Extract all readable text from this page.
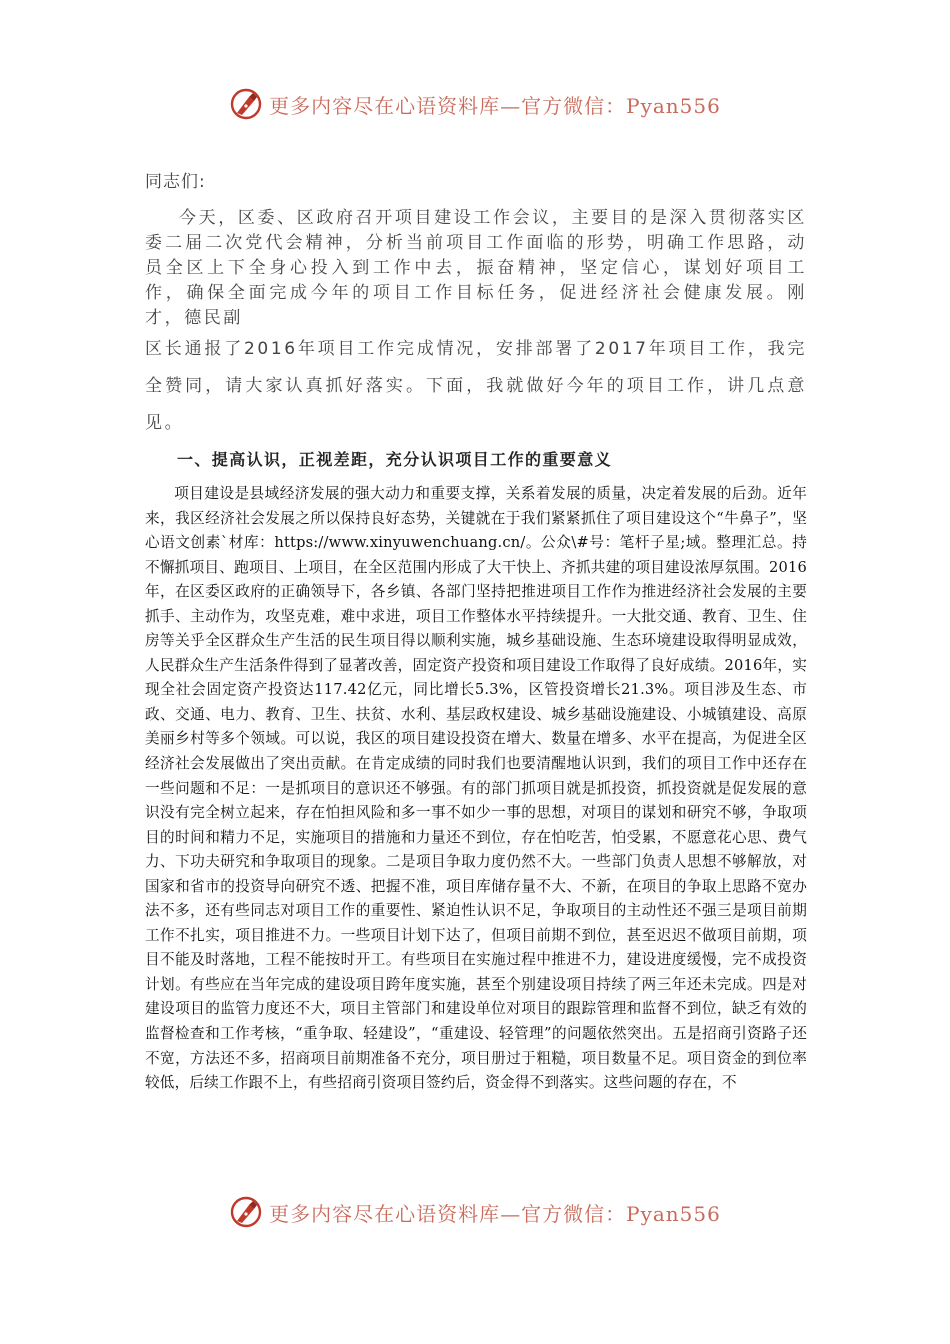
更多内容尽在心语资料库—官方微信：Pyan556

同志们:

今天，区委、区政府召开项目建设工作会议，主要目的是深入贯彻落实区委二届二次党代会精神，分析当前项目工作面临的形势，明确工作思路，动员全区上下全身心投入到工作中去，振奋精神，坚定信心，谋划好项目工作，确保全面完成今年的项目工作目标任务，促进经济社会健康发展。刚才，德民副

区长通报了2016年项目工作完成情况，安排部署了2017年项目工作，我完全赞同，请大家认真抓好落实。下面，我就做好今年的项目工作，讲几点意见。

一、提高认识，正视差距，充分认识项目工作的重要意义

项目建设是县域经济发展的强大动力和重要支撑，关系着发展的质量，决定着发展的后劲。近年来，我区经济社会发展之所以保持良好态势，关键就在于我们紧紧抓住了项目建设这个“牛鼻子”，坚心语文创素`材库：https://www.xinyuwenchuang.cn/。公众\#号：笔杆子星;域。整理汇总。持不懈抓项目、跑项目、上项目，在全区范围内形成了大干快上、齐抓共建的项目建设浓厚氛围。2016年，在区委区政府的正确领导下，各乡镇、各部门坚持把推进项目工作作为推进经济社会发展的主要抓手、主动作为，攻坚克难，难中求进，项目工作整体水平持续提升。一大批交通、教育、卫生、住房等关乎全区群众生产生活的民生项目得以顺利实施，城乡基础设施、生态环境建设取得明显成效，人民群众生产生活条件得到了显著改善，固定资产投资和项目建设工作取得了良好成绩。2016年，实现全社会固定资产投资达117.42亿元，同比增长5.3%，区管投资增长21.3%。项目涉及生态、市政、交通、电力、教育、卫生、扶贫、水利、基层政权建设、城乡基础设施建设、小城镇建设、高原美丽乡村等多个领域。可以说，我区的项目建设投资在增大、数量在增多、水平在提高，为促进全区经济社会发展做出了突出贡献。在肯定成绩的同时我们也要清醒地认识到，我们的项目工作中还存在一些问题和不足：一是抓项目的意识还不够强。有的部门抓项目就是抓投资，抓投资就是促发展的意识没有完全树立起来，存在怕担风险和多一事不如少一事的思想，对项目的谋划和研究不够，争取项目的时间和精力不足，实施项目的措施和力量还不到位，存在怕吃苦，怕受累，不愿意花心思、费气力、下功夫研究和争取项目的现象。二是项目争取力度仍然不大。一些部门负责人思想不够解放，对国家和省市的投资导向研究不透、把握不准，项目库储存量不大、不新，在项目的争取上思路不宽办法不多，还有些同志对项目工作的重要性、紧迫性认识不足，争取项目的主动性还不强三是项目前期工作不扎实，项目推进不力。一些项目计划下达了，但项目前期不到位，甚至迟迟不做项目前期，项目不能及时落地，工程不能按时开工。有些项目在实施过程中推进不力，建设进度缓慢，完不成投资计划。有些应在当年完成的建设项目跨年度实施，甚至个别建设项目持续了两三年还未完成。四是对建设项目的监管力度还不大，项目主管部门和建设单位对项目的跟踪管理和监督不到位，缺乏有效的监督检查和工作考核，“重争取、轻建设”，“重建设、轻管理”的问题依然突出。五是招商引资路子还不宽，方法还不多，招商项目前期准备不充分，项目册过于粗糙，项目数量不足。项目资金的到位率较低，后续工作跟不上，有些招商引资项目签约后，资金得不到落实。这些问题的存在，不

更多内容尽在心语资料库—官方微信：Pyan556
